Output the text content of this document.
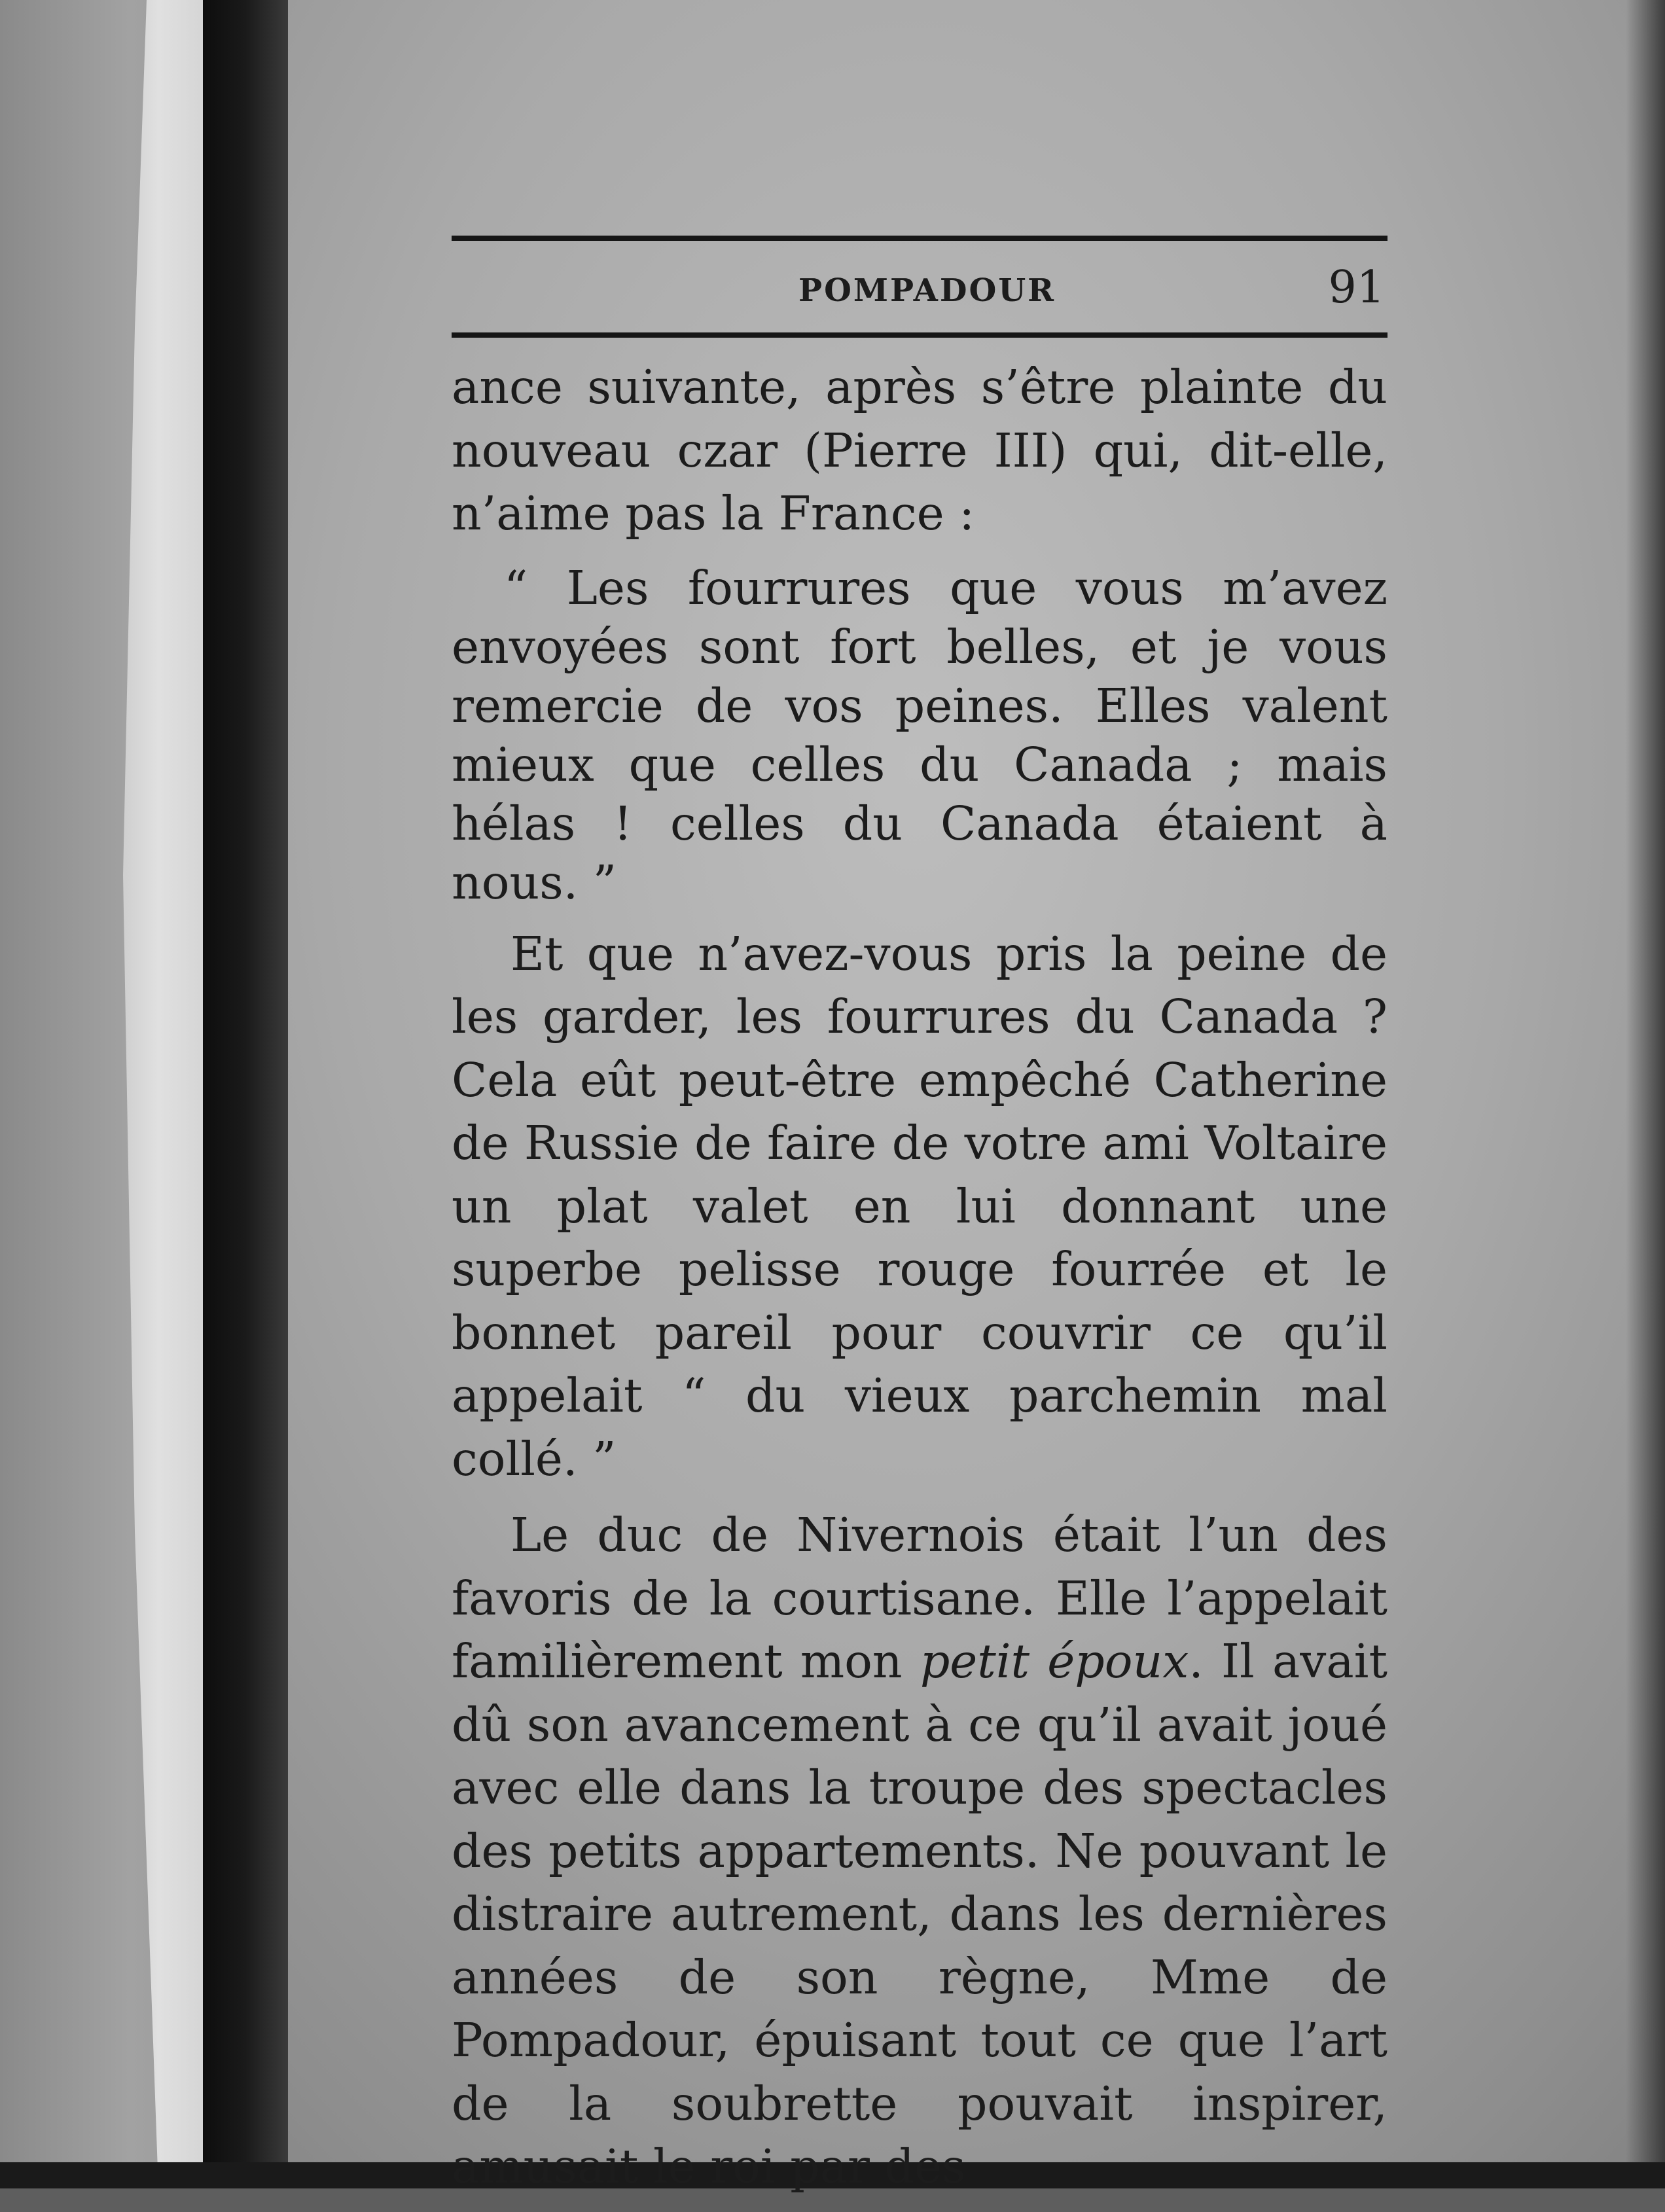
POMPADOUR	91

ance suivante, après s’être plainte du nouveau czar (Pierre III) qui, dit-elle, n’aime pas la France :

“ Les fourrures que vous m’avez envoyées sont fort belles, et je vous remercie de vos peines. Elles valent mieux que celles du Canada ; mais hélas ! celles du Canada étaient à nous. ”

Et que n’avez-vous pris la peine de les garder, les fourrures du Canada ? Cela eût peut-être empêché Catherine de Russie de faire de votre ami Voltaire un plat valet en lui donnant une superbe pelisse rouge fourrée et le bonnet pareil pour couvrir ce qu’il appelait “ du vieux parchemin mal collé. ”

Le duc de Nivernois était l’un des favoris de la courtisane. Elle l’appelait familièrement mon petit époux. Il avait dû son avancement à ce qu’il avait joué avec elle dans la troupe des spectacles des petits appartements. Ne pouvant le distraire autrement, dans les dernières années de son règne, Mme de Pompadour, épuisant tout ce que l’art de la soubrette pouvait inspirer, amusait le roi par des
